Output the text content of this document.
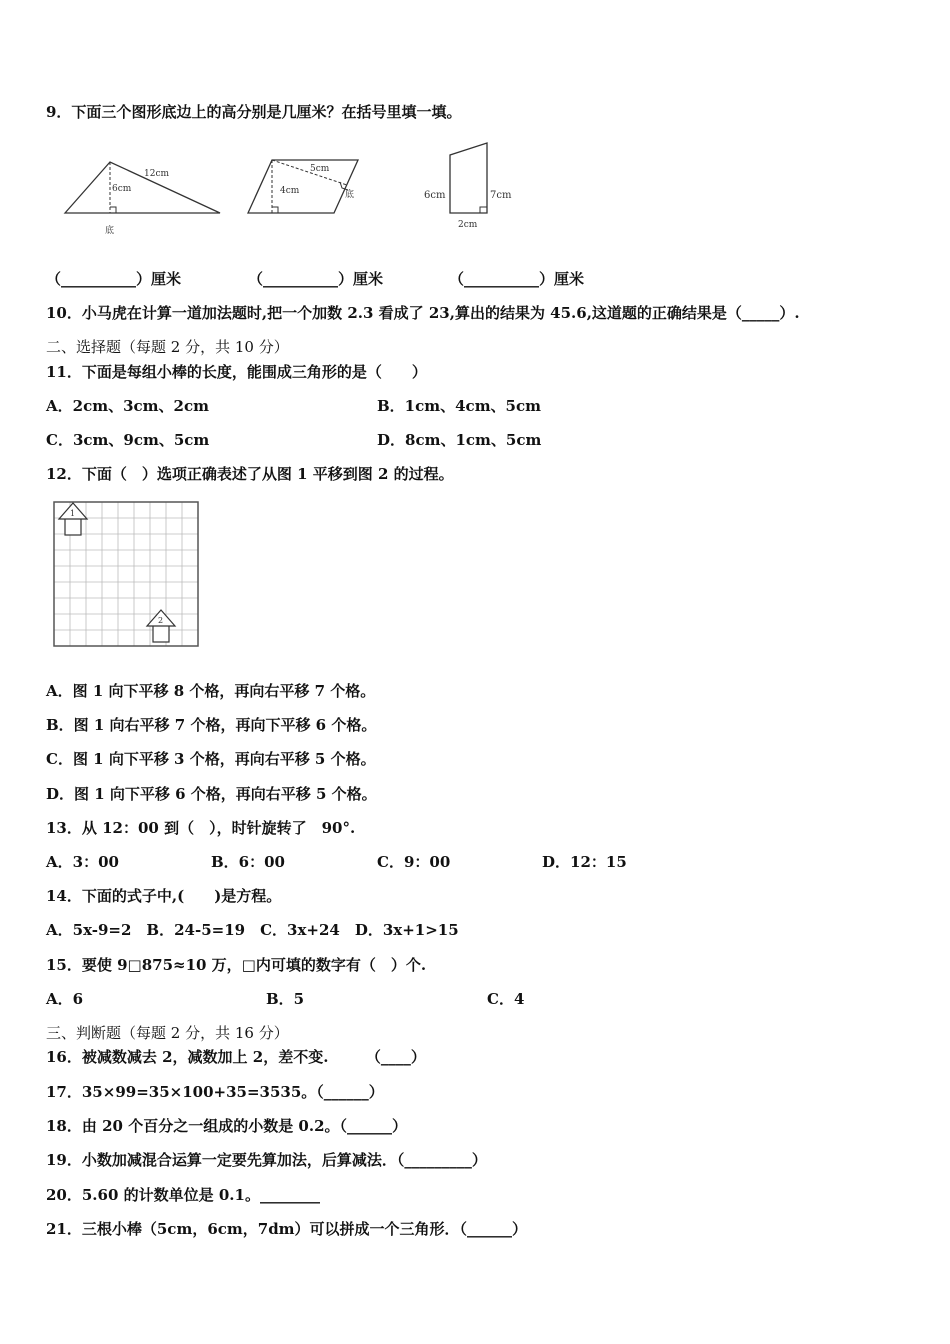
9．下面三个图形底边上的高分别是几厘米？在括号里填一填。
12cm
6cm
底
5cm
4cm	底	6cm	7cm
2cm
（__________）厘米	（__________）厘米	（__________）厘米
10．小马虎在计算一道加法题时,把一个加数 2.3 看成了 23,算出的结果为 45.6,这道题的正确结果是（_____）.
二、选择题（每题 2 分，共 10 分）
11．下面是每组小棒的长度，能围成三角形的是（　　）
A．2cm、3cm、2cm	B．1cm、4cm、5cm
C．3cm、9cm、5cm	D．8cm、1cm、5cm
12．下面（　）选项正确表述了从图 1 平移到图 2 的过程。
1
2
A．图 1 向下平移 8 个格，再向右平移 7 个格。
B．图 1 向右平移 7 个格，再向下平移 6 个格。
C．图 1 向下平移 3 个格，再向右平移 5 个格。
D．图 1 向下平移 6 个格，再向右平移 5 个格。
13．从 12：00 到（　），时针旋转了　90°.
A．3：00	B．6：00	C．9：00	D．12：15
14．下面的式子中,(　　)是方程。
A．5x-9=2　B．24-5=19　C．3x+24　D．3x+1>15
15．要使 9□875≈10 万，□内可填的数字有（　）个.
A．6	B．5	C．4
三、判断题（每题 2 分，共 16 分）
16．被减数减去 2，减数加上 2，差不变.　　　（____）
17．35×99=35×100+35=3535。（______）
18．由 20 个百分之一组成的小数是 0.2。（______）
19．小数加减混合运算一定要先算加法，后算减法．（_________）
20．5.60 的计数单位是 0.1。________
21．三根小棒（5cm，6cm，7dm）可以拼成一个三角形．（______）
